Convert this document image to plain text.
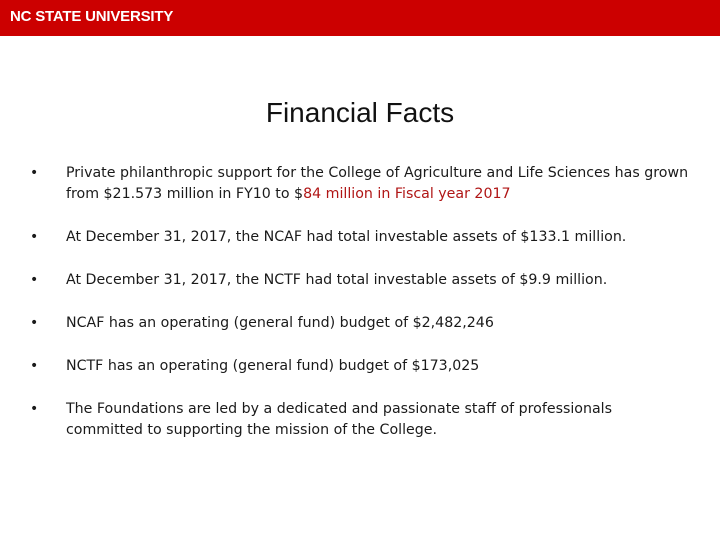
NC STATE UNIVERSITY
Financial Facts
• Private philanthropic support for the College of Agriculture and Life Sciences has grown from $21.573 million in FY10 to $84 million in Fiscal year 2017
• At December 31, 2017, the NCAF had total investable assets of $133.1 million.
• At December 31, 2017, the NCTF had total investable assets of $9.9 million.
• NCAF has an operating (general fund) budget of $2,482,246
• NCTF has an operating (general fund) budget of $173,025
• The Foundations are led by a dedicated and passionate staff of professionals committed to supporting the mission of the College.
